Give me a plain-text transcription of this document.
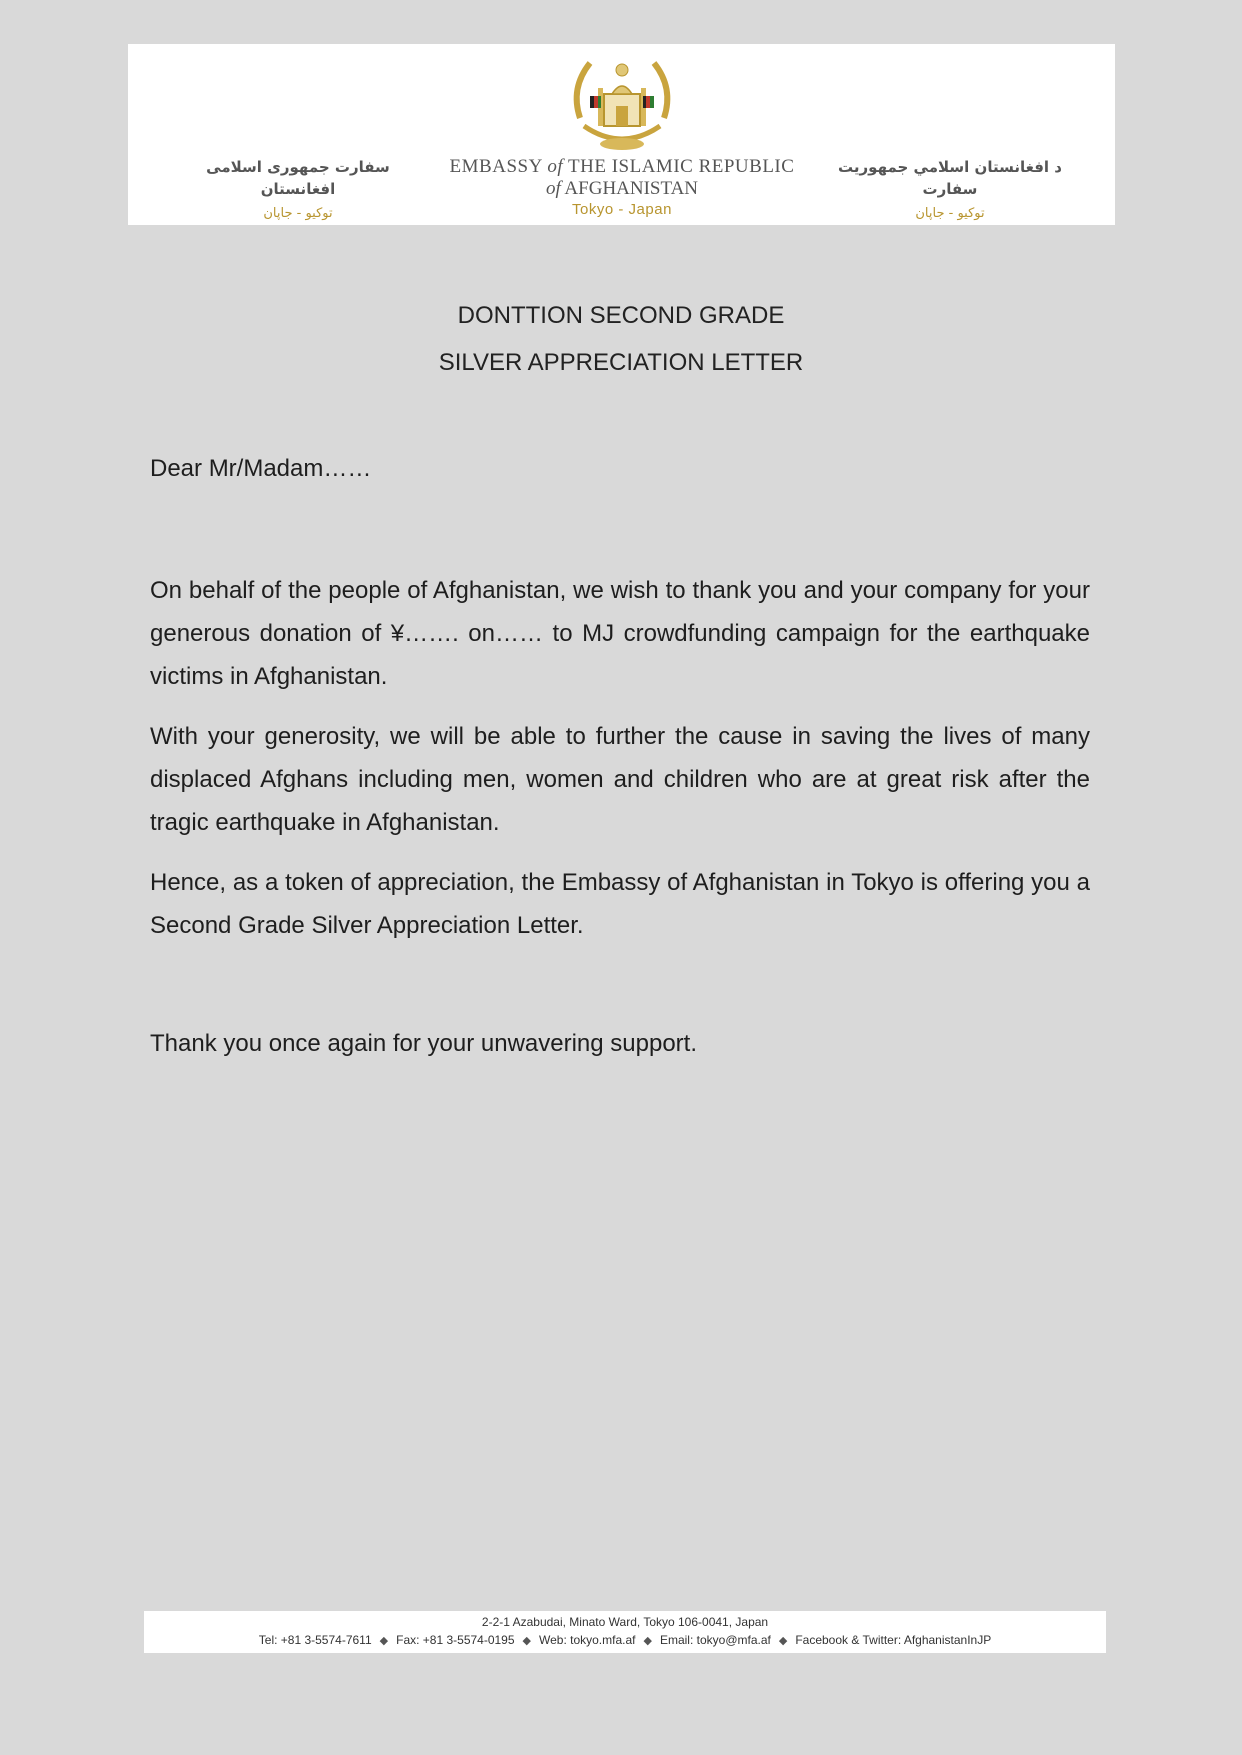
سفارت جمهوری اسلامی افغانستان
توکیو - جاپان
EMBASSY of THE ISLAMIC REPUBLIC
of AFGHANISTAN
Tokyo - Japan
د افغانستان اسلامي جمهوریت سفارت
توکیو - جاپان
DONTTION SECOND GRADE
SILVER APPRECIATION LETTER
Dear Mr/Madam……
On behalf of the people of Afghanistan, we wish to thank you and your company for your generous donation of ¥……. on…… to MJ crowdfunding campaign for the earthquake victims in Afghanistan.
With your generosity, we will be able to further the cause in saving the lives of many displaced Afghans including men, women and children who are at great risk after the tragic earthquake in Afghanistan.
Hence, as a token of appreciation, the Embassy of Afghanistan in Tokyo is offering you a Second Grade Silver Appreciation Letter.
Thank you once again for your unwavering support.
2-2-1 Azabudai, Minato Ward, Tokyo 106-0041, Japan
Tel: +81 3-5574-7611 ◆ Fax: +81 3-5574-0195 ◆ Web: tokyo.mfa.af ◆ Email: tokyo@mfa.af ◆ Facebook & Twitter: AfghanistanInJP
